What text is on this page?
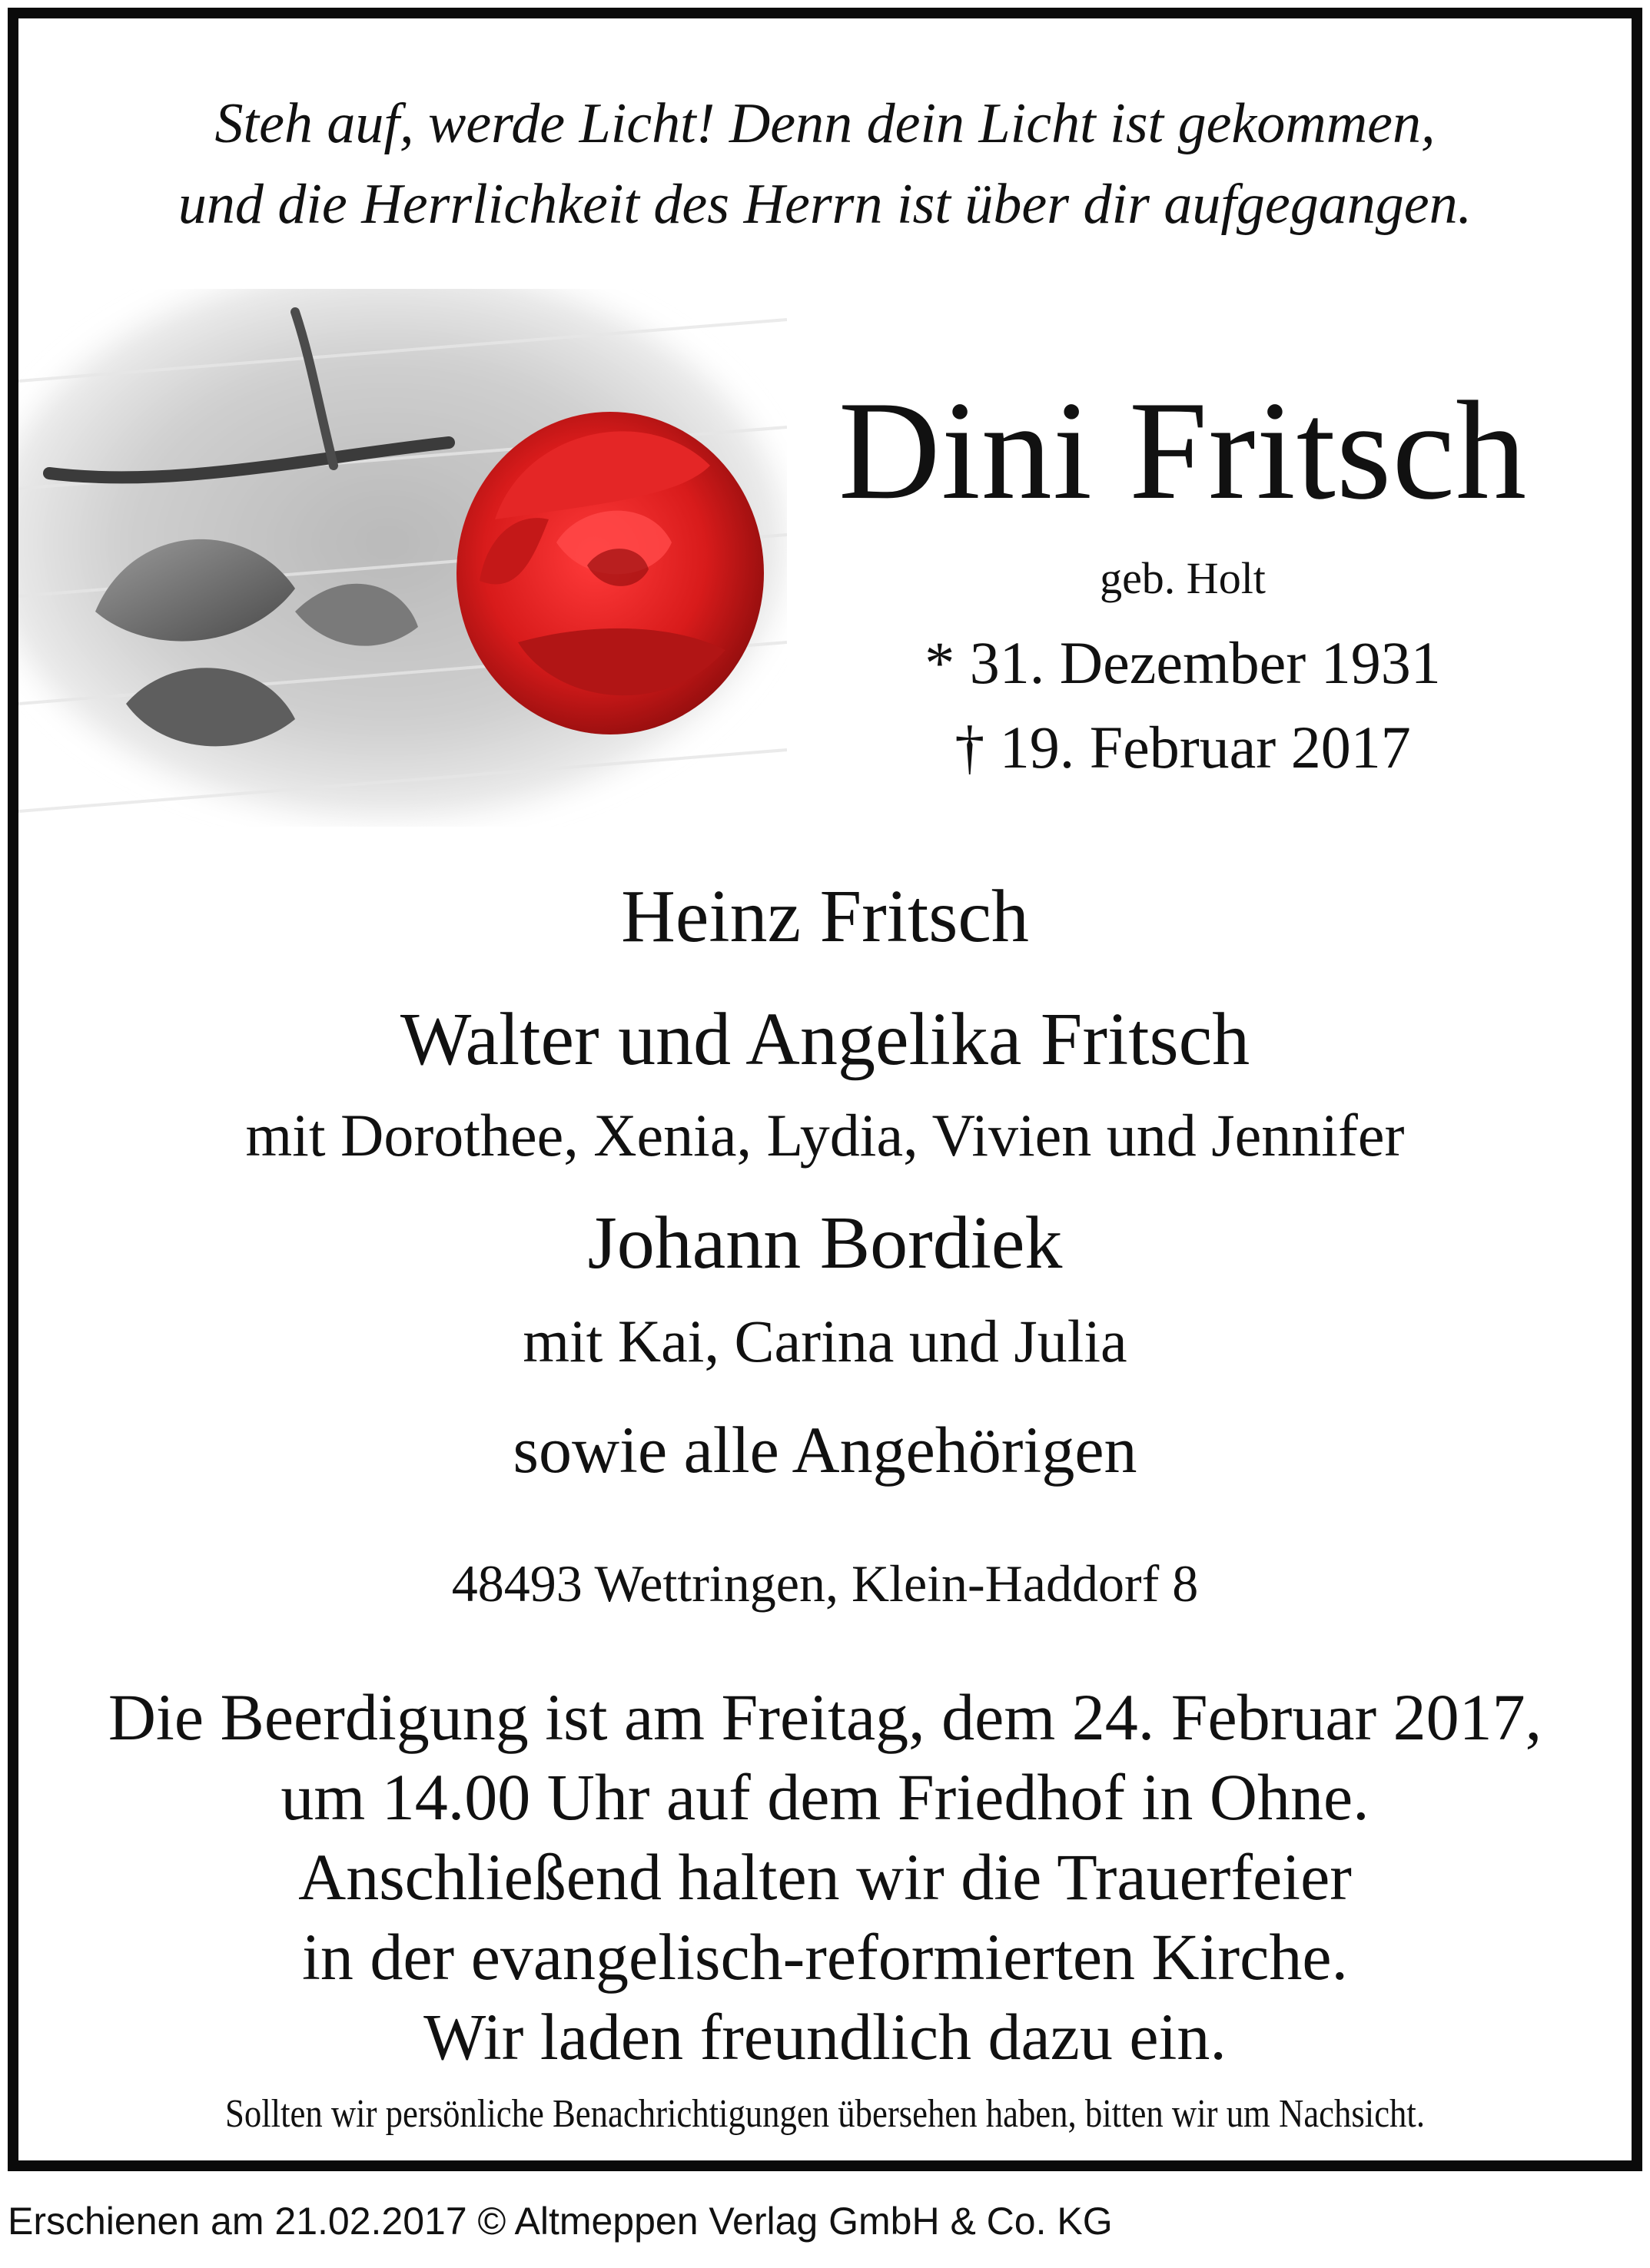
Steh auf, werde Licht! Denn dein Licht ist gekommen,
und die Herrlichkeit des Herrn ist über dir aufgegangen.
Dini Fritsch
geb. Holt
* 31. Dezember 1931
† 19. Februar 2017
Heinz Fritsch
Walter und Angelika Fritsch
mit Dorothee, Xenia, Lydia, Vivien und Jennifer
Johann Bordiek
mit Kai, Carina und Julia
sowie alle Angehörigen
48493 Wettringen, Klein-Haddorf 8
Die Beerdigung ist am Freitag, dem 24. Februar 2017,
um 14.00 Uhr auf dem Friedhof in Ohne.
Anschließend halten wir die Trauerfeier
in der evangelisch-reformierten Kirche.
Wir laden freundlich dazu ein.
Sollten wir persönliche Benachrichtigungen übersehen haben, bitten wir um Nachsicht.
Erschienen am 21.02.2017 © Altmeppen Verlag GmbH & Co. KG
